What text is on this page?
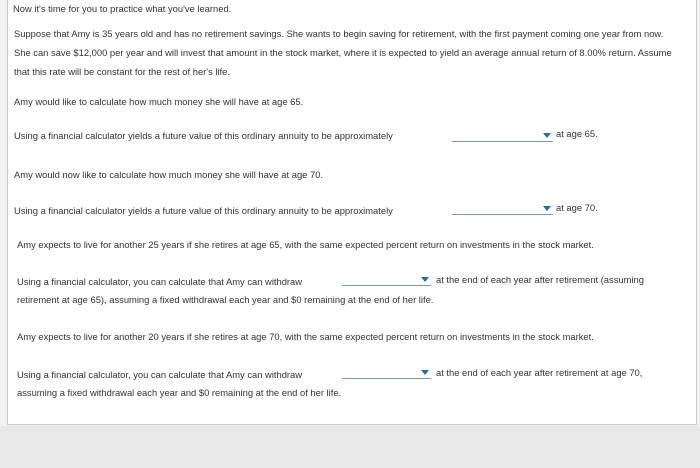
Now it's time for you to practice what you've learned.
Suppose that Amy is 35 years old and has no retirement savings. She wants to begin saving for retirement, with the first payment coming one year from now. She can save $12,000 per year and will invest that amount in the stock market, where it is expected to yield an average annual return of 8.00% return. Assume that this rate will be constant for the rest of her's life.
Amy would like to calculate how much money she will have at age 65.
Using a financial calculator yields a future value of this ordinary annuity to be approximately	at age 65.
Amy would now like to calculate how much money she will have at age 70.
Using a financial calculator yields a future value of this ordinary annuity to be approximately	at age 70.
Amy expects to live for another 25 years if she retires at age 65, with the same expected percent return on investments in the stock market.
Using a financial calculator, you can calculate that Amy can withdraw	at the end of each year after retirement (assuming
retirement at age 65), assuming a fixed withdrawal each year and $0 remaining at the end of her life.
Amy expects to live for another 20 years if she retires at age 70, with the same expected percent return on investments in the stock market.
Using a financial calculator, you can calculate that Amy can withdraw	at the end of each year after retirement at age 70,
assuming a fixed withdrawal each year and $0 remaining at the end of her life.
